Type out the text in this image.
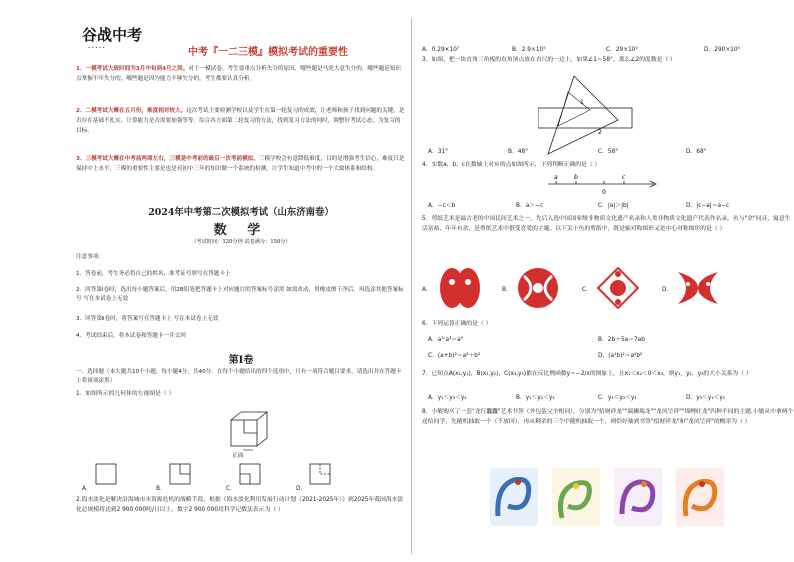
谷战中考
• • • • •	中考『一二三模』模拟考试的重要性

1．一模考试大致时间为3月中旬到4月之间。对于一模试卷，考生要重点分析失分的原因，哪些题是马虎大意失分的，哪些题是知识点掌握不牢失分的，哪些题是因为能力不够失分的，考生都要认真分析。

2．二模考试大概在五月份，难度相对较大。这次考试主要检测学校以及学生在第一轮复习的成效，让老师和孩子找到问题的关键，是否存在基础不扎实，计算能力是否需要加强等等。综合各方面第二轮复习的方法，找到复习方法的同时，调整好考试心态，为复习的目标。

3．三模考试大概在中考前两周左右，三模是中考前的最后一次考前模拟。三模学校会有意降低难度，目的是增强考生信心，难度只是保持中上水平，三模的重要性主要是也是对初中三年的知识做一个系统的检测，让学生知道中考中的一个大致体系和结构。

2024年中考第二次模拟考试（山东济南卷）
数 学
（考试时间：120分钟 试卷满分：150分）

注意事项：

1．答卷前，考生务必将自己的姓名、准考证号填写在答题卡上

2．回答第Ⅰ卷时，选出每小题答案后，用2B铅笔把答题卡上对应题目的答案标号涂黑 如需改动，用橡皮擦干净后，再选涂其他答案标号 写在本试卷上无效

3．回答第Ⅱ卷时，将答案写在答题卡上 写在本试卷上无效

4．考试结束后，将本试卷和答题卡一并交回

第Ⅰ卷

一、选择题（本大题共10个小题，每小题4分，共40分．在每个小题给出的四个选项中，只有一项符合题目要求，请选出并在答题卡上将该项涂黑）

1．如图所示的几何体的左视图是（ ）
正面
A．	B．	C．	D．
2.海水淡化是解决沿海城市水资源危机的战略手段，根据《海水淡化利用发展行动计划（2021-2025年）》到2025年我国海水淡化总规模将达到2 900 000吨/日以上，数字2 900 000用科学记数法表示为（ ）
A．0.29×10⁷	B．2.9×10⁵	C．29×10⁵	D．290×10⁴
3．如图，把一块直角三角板的直角顶点放在直尺的一边上，如果∠1＝58°，那么∠2的度数是（ ）
1
2
A．31°	B．48°	C．58°	D．68°
4．实数a，b，c在数轴上对应的点如图所示，下列判断正确的是（ ）
a	b
0
c
A．−c＜b	B．a＞−c	C．|a|＞|b|	D．|c−a|＝a−c
5．剪纸艺术是最古老的中国民间艺术之一，先后入选中国国家级非物质文化遗产名录和人类非物质文化遗产代表作名录。鱼与"余"同音，寓意生活富裕、年年有余，是剪纸艺术中很受喜爱的主题。以下关于鱼的剪纸中，既是轴对称图形又是中心对称图形的是（ ）
A．	B．	C．	D．
6．下列运算正确的是（ ）
A．a³·a³＝a⁹	B．2b＋5a＝7ab
C．(a+b)²＝a²＋b²	D．(a²b)²＝a⁴b²
7．已知点A(x₁,y₁)，B(x₂,y₂)，C(x₃,y₃)都在反比例函数y＝−2/x的图象上，且x₁＜x₂＜0＜x₃，则y₁，y₂，y₃的大小关系为（ ）
A．y₁＜y₃＜y₂	B．y₁＜y₂＜y₃	C．y₃＜y₂＜y₁	D．y₃＜y₁＜y₂
8．小敏购买了一套"龙行龘龘"艺术书签（外包装完全相同），分别为"招财祥龙""瑞狮瑞龙""龙凤呈祥""锦鲤旺龙"四种不同的主题.小敏从中拿两个送给同学，先随机抽取一个（不放回），再从剩余的三个中随机抽取一个，则恰好抽到书签"招财祥龙"和"龙凤呈祥"的概率为（ ）
